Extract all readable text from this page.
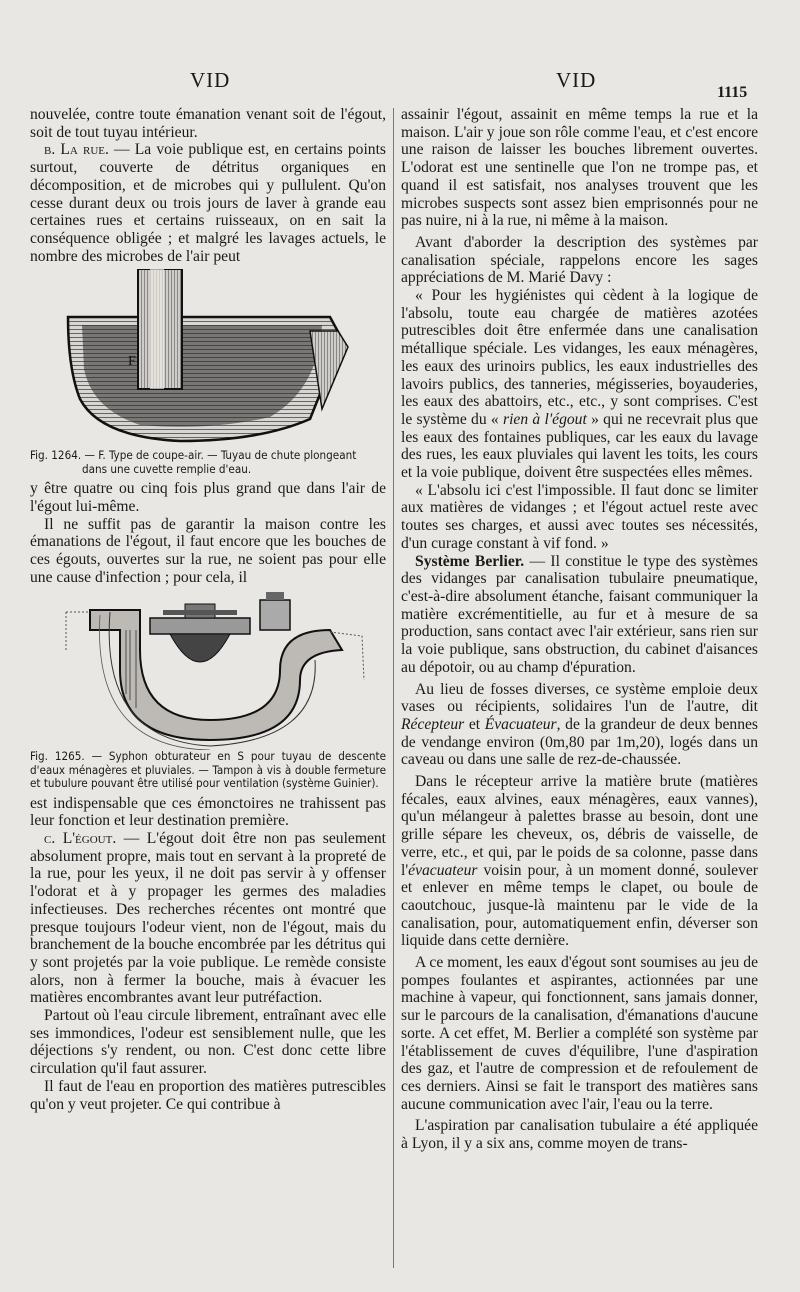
VID	VID
1115

nouvelée, contre toute émanation venant soit de l'égout, soit de tout tuyau intérieur.

b. La rue. — La voie publique est, en certains points surtout, couverte de détritus organiques en décomposition, et de microbes qui y pullulent. Qu'on cesse durant deux ou trois jours de laver à grande eau certaines rues et certains ruisseaux, on en sait la conséquence obligée ; et malgré les lavages actuels, le nombre des microbes de l'air peut

F
Fig. 1264. — F. Type de coupe-air. — Tuyau de chute plongeant
dans une cuvette remplie d'eau.

y être quatre ou cinq fois plus grand que dans l'air de l'égout lui-même.

Il ne suffit pas de garantir la maison contre les émanations de l'égout, il faut encore que les bouches de ces égouts, ouvertes sur la rue, ne soient pas pour elle une cause d'infection ; pour cela, il

Fig. 1265. — Syphon obturateur en S pour tuyau de descente d'eaux ménagères et pluviales. — Tampon à vis à double fermeture et tubulure pouvant être utilisé pour ventilation (système Guinier).

est indispensable que ces émonctoires ne trahissent pas leur fonction et leur destination première.

c. L'égout. — L'égout doit être non pas seulement absolument propre, mais tout en servant à la propreté de la rue, pour les yeux, il ne doit pas servir à y offenser l'odorat et à y propager les germes des maladies infectieuses. Des recherches récentes ont montré que presque toujours l'odeur vient, non de l'égout, mais du branchement de la bouche encombrée par les détritus qui y sont projetés par la voie publique. Le remède consiste alors, non à fermer la bouche, mais à évacuer les matières encombrantes avant leur putréfaction.

Partout où l'eau circule librement, entraînant avec elle ses immondices, l'odeur est sensiblement nulle, que les déjections s'y rendent, ou non. C'est donc cette libre circulation qu'il faut assurer.

Il faut de l'eau en proportion des matières putrescibles qu'on y veut projeter. Ce qui contribue à

assainir l'égout, assainit en même temps la rue et la maison. L'air y joue son rôle comme l'eau, et c'est encore une raison de laisser les bouches librement ouvertes. L'odorat est une sentinelle que l'on ne trompe pas, et quand il est satisfait, nos analyses trouvent que les microbes suspects sont assez bien emprisonnés pour ne pas nuire, ni à la rue, ni même à la maison.

Avant d'aborder la description des systèmes par canalisation spéciale, rappelons encore les sages appréciations de M. Marié Davy :

« Pour les hygiénistes qui cèdent à la logique de l'absolu, toute eau chargée de matières azotées putrescibles doit être enfermée dans une canalisation métallique spéciale. Les vidanges, les eaux ménagères, les eaux des urinoirs publics, les eaux industrielles des lavoirs publics, des tanneries, mégisseries, boyauderies, les eaux des abattoirs, etc., etc., y sont comprises. C'est le système du « rien à l'égout » qui ne recevrait plus que les eaux des fontaines publiques, car les eaux du lavage des rues, les eaux pluviales qui lavent les toits, les cours et la voie publique, doivent être suspectées elles mêmes.

« L'absolu ici c'est l'impossible. Il faut donc se limiter aux matières de vidanges ; et l'égout actuel reste avec toutes ses charges, et aussi avec toutes ses nécessités, d'un curage constant à vif fond. »

Système Berlier. — Il constitue le type des systèmes des vidanges par canalisation tubulaire pneumatique, c'est-à-dire absolument étanche, faisant communiquer la matière excrémentitielle, au fur et à mesure de sa production, sans contact avec l'air extérieur, sans rien sur la voie publique, sans obstruction, du cabinet d'aisances au dépotoir, ou au champ d'épuration.

Au lieu de fosses diverses, ce système emploie deux vases ou récipients, solidaires l'un de l'autre, dit Récepteur et Évacuateur, de la grandeur de deux bennes de vendange environ (0m,80 par 1m,20), logés dans un caveau ou dans une salle de rez-de-chaussée.

Dans le récepteur arrive la matière brute (matières fécales, eaux alvines, eaux ménagères, eaux vannes), qu'un mélangeur à palettes brasse au besoin, dont une grille sépare les cheveux, os, débris de vaisselle, de verre, etc., et qui, par le poids de sa colonne, passe dans l'évacuateur voisin pour, à un moment donné, soulever et enlever en même temps le clapet, ou boule de caoutchouc, jusque-là maintenu par le vide de la canalisation, pour, automatiquement enfin, déverser son liquide dans cette dernière.

A ce moment, les eaux d'égout sont soumises au jeu de pompes foulantes et aspirantes, actionnées par une machine à vapeur, qui fonctionnent, sans jamais donner, sur le parcours de la canalisation, d'émanations d'aucune sorte. A cet effet, M. Berlier a complété son système par l'établissement de cuves d'équilibre, l'une d'aspiration des gaz, et l'autre de compression et de refoulement de ces derniers. Ainsi se fait le transport des matières sans aucune communication avec l'air, l'eau ou la terre.

L'aspiration par canalisation tubulaire a été appliquée à Lyon, il y a six ans, comme moyen de trans-
